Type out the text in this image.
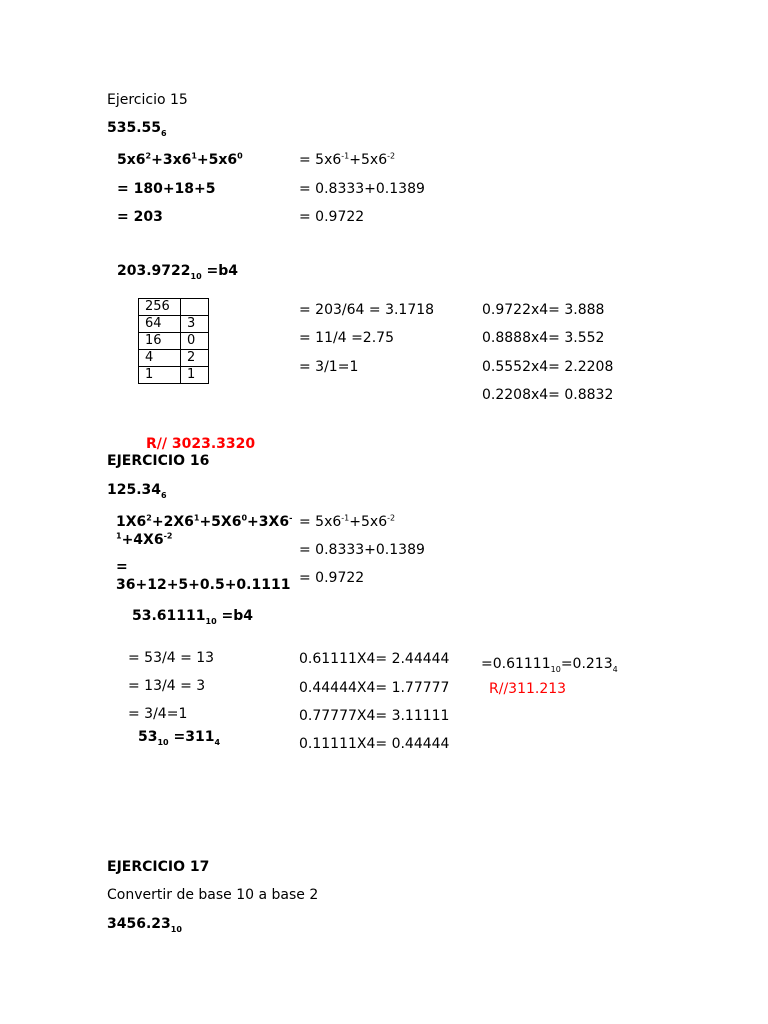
Ejercicio 15
$535.55_6$
$5x6^2+3x6^1+5x6^0$
= 180+18+5
= 203
= $5x6^{-1}+5x6^{-2}$
= 0.8333+0.1389
= 0.9722
$203.9722_{10} =b4$
256	
64	3
16	0
4	2
1	1
= 203/64 = 3.1718
= 11/4 =2.75
= 3/1=1
0.9722x4= 3.888
0.8888x4= 3.552
0.5552x4= 2.2208
0.2208x4= 0.8832
R// 3023.3320
EJERCICIO 16
$125.34_6$
$1X6^2+2X6^1+5X6^0+3X6^-$
$^1+4X6^{-2}$
=
36+12+5+0.5+0.1111
= $5x6^{-1}+5x6^{-2}$
= 0.8333+0.1389
= 0.9722
$53.61111_{10} =b4$
= 53/4 = 13
= 13/4 = 3
= 3/4=1
$53_{10} =311_4$
0.61111X4= 2.44444
0.44444X4= 1.77777
0.77777X4= 3.11111
0.11111X4= 0.44444
$=0.61111_{10}=0.213_4$
R//311.213
EJERCICIO 17
Convertir de base 10 a base 2
$3456.23_{10}$
